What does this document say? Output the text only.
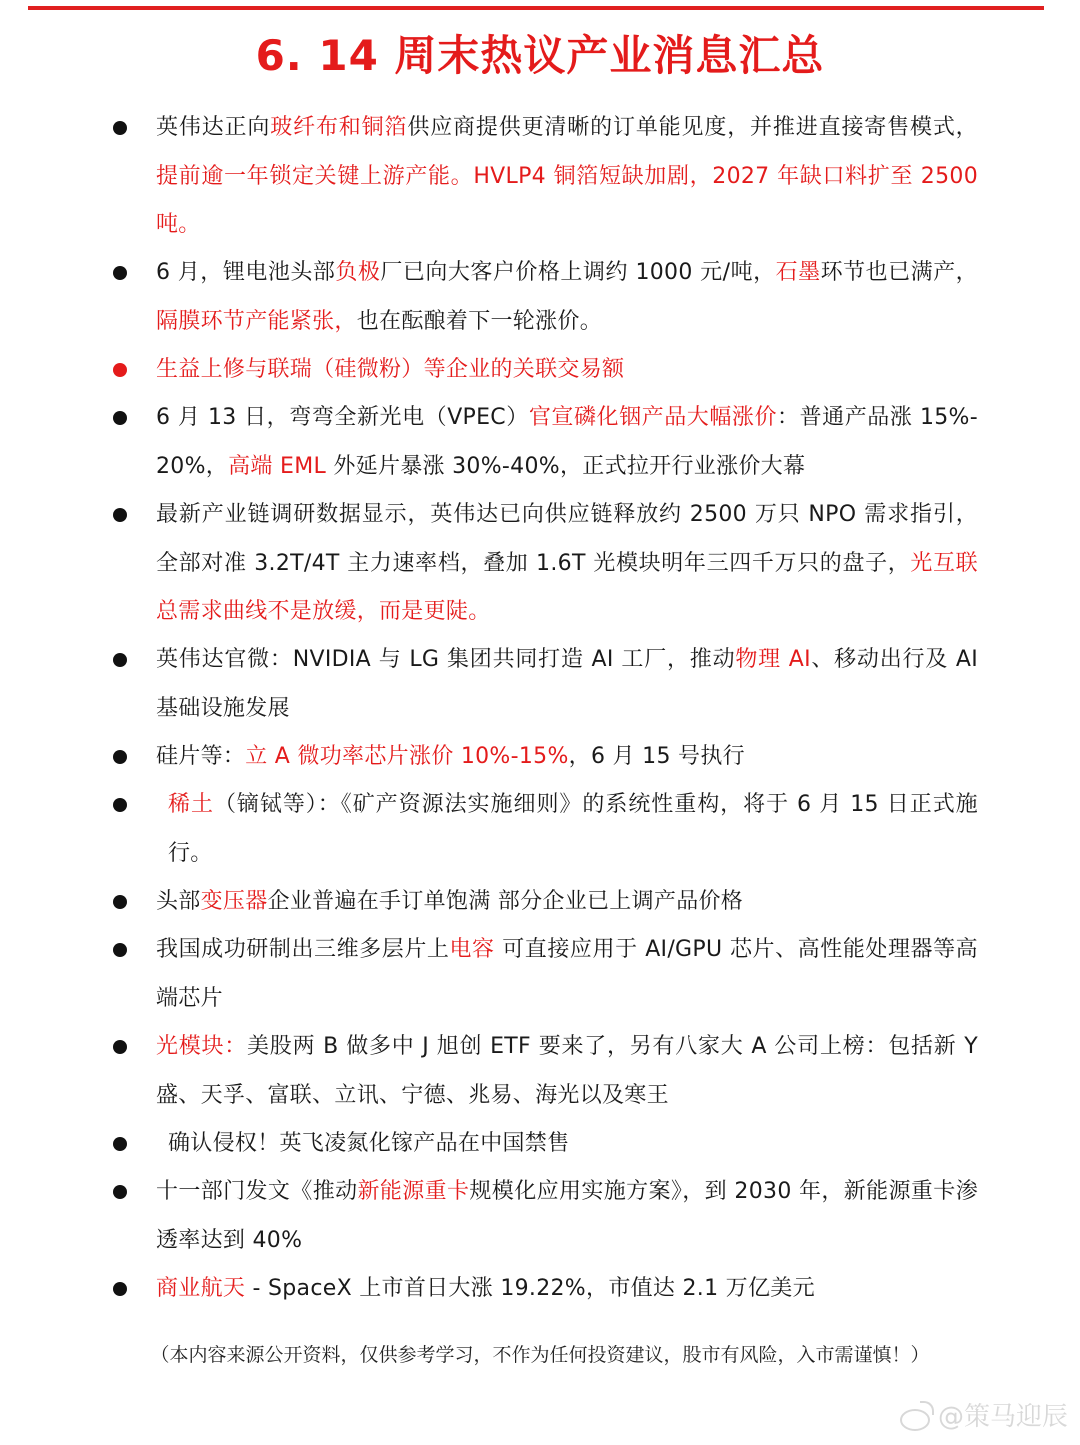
6. 14 周末热议产业消息汇总
英伟达正向玻纤布和铜箔供应商提供更清晰的订单能见度，并推进直接寄售模式，提前逾一年锁定关键上游产能。HVLP4 铜箔短缺加剧，2027 年缺口料扩至 2500 吨。
6 月，锂电池头部负极厂已向大客户价格上调约 1000 元/吨，石墨环节也已满产，隔膜环节产能紧张，也在酝酿着下一轮涨价。
生益上修与联瑞（硅微粉）等企业的关联交易额
6 月 13 日，弯弯全新光电（VPEC）官宣磷化铟产品大幅涨价：普通产品涨 15%-20%，高端 EML 外延片暴涨 30%-40%，正式拉开行业涨价大幕
最新产业链调研数据显示，英伟达已向供应链释放约 2500 万只 NPO 需求指引，全部对准 3.2T/4T 主力速率档，叠加 1.6T 光模块明年三四千万只的盘子，光互联总需求曲线不是放缓，而是更陡。
英伟达官微：NVIDIA 与 LG 集团共同打造 AI 工厂，推动物理 AI、移动出行及 AI 基础设施发展
硅片等：立 A 微功率芯片涨价 10%-15%，6 月 15 号执行
稀土（镝铽等）：《矿产资源法实施细则》的系统性重构，将于 6 月 15 日正式施行。
头部变压器企业普遍在手订单饱满 部分企业已上调产品价格
我国成功研制出三维多层片上电容 可直接应用于 AI/GPU 芯片、高性能处理器等高端芯片
光模块：美股两 B 做多中 J 旭创 ETF 要来了，另有八家大 A 公司上榜：包括新 Y 盛、天孚、富联、立讯、宁德、兆易、海光以及寒王
确认侵权！英飞凌氮化镓产品在中国禁售
十一部门发文《推动新能源重卡规模化应用实施方案》，到 2030 年，新能源重卡渗透率达到 40%
商业航天 - SpaceX 上市首日大涨 19.22%，市值达 2.1 万亿美元
（本内容来源公开资料，仅供参考学习，不作为任何投资建议，股市有风险，入市需谨慎！）
@策马迎辰
